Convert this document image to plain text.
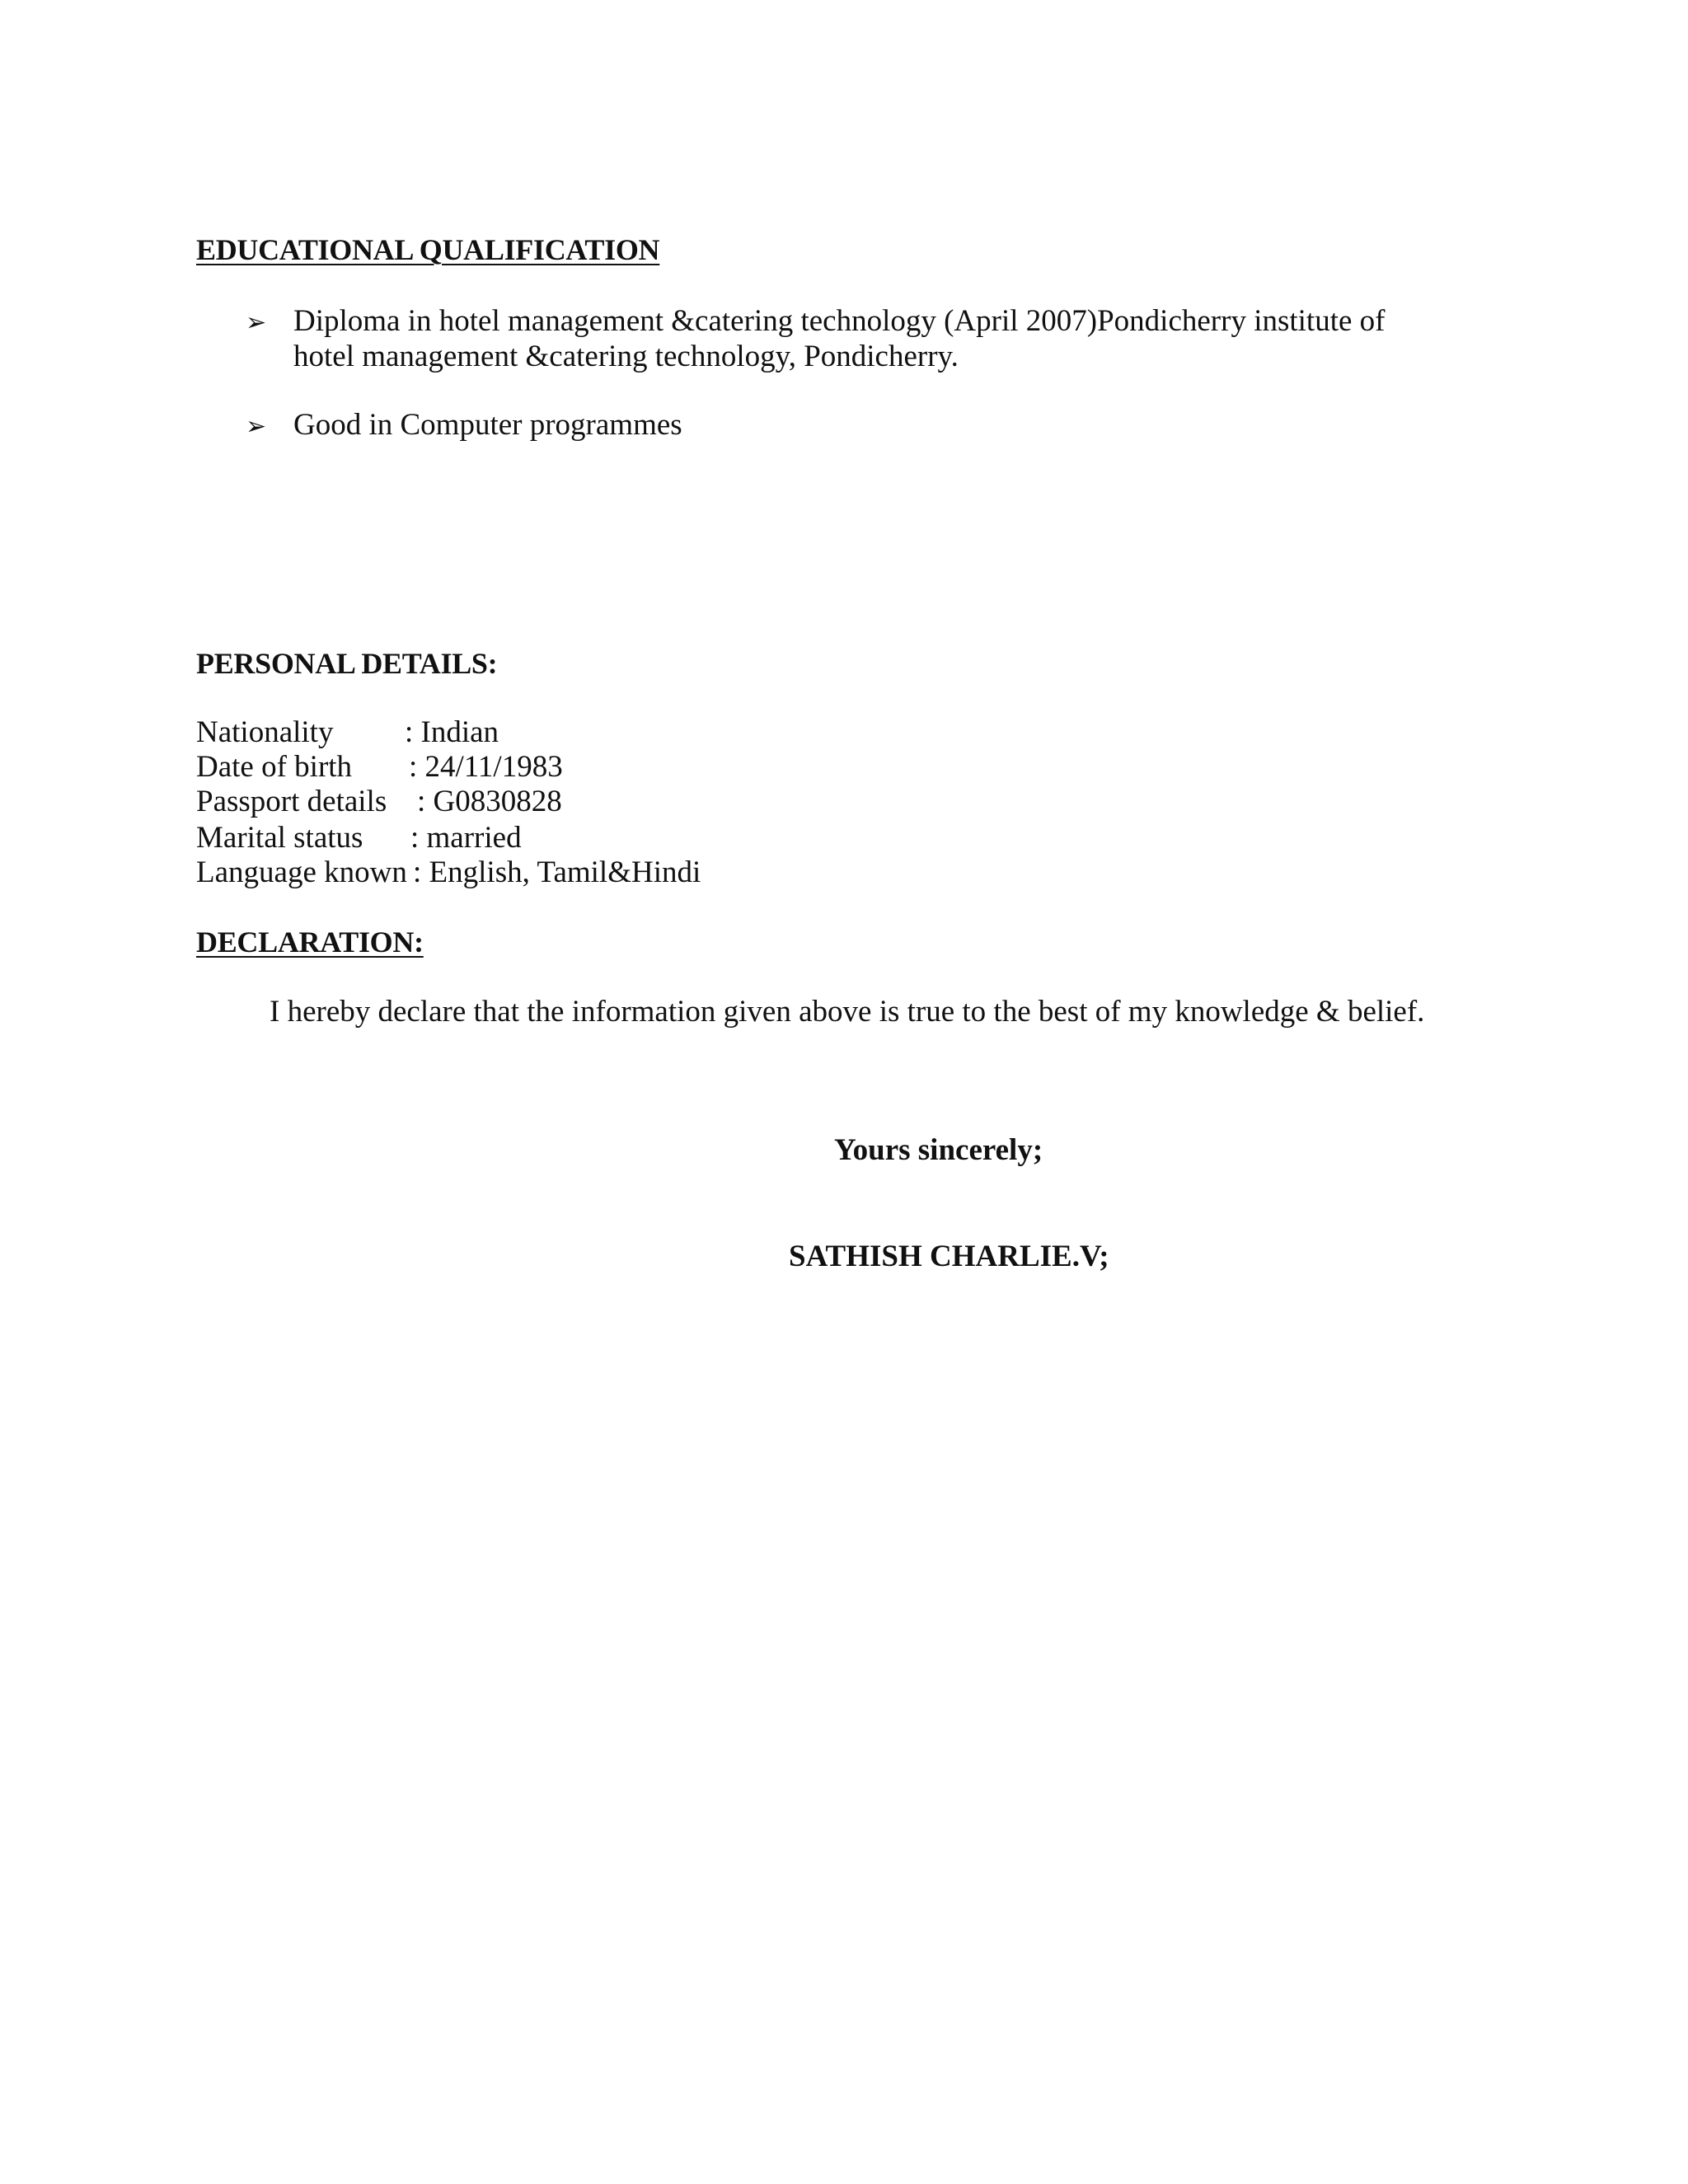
EDUCATIONAL QUALIFICATION
➢ Diploma in hotel management &catering technology (April 2007)Pondicherry institute of
hotel management &catering technology, Pondicherry.
➢ Good in Computer programmes
PERSONAL DETAILS:
Nationality : Indian
Date of birth : 24/11/1983
Passport details : G0830828
Marital status : married
Language known : English, Tamil&Hindi
DECLARATION:
I hereby declare that the information given above is true to the best of my knowledge & belief.
Yours sincerely;
SATHISH CHARLIE.V;
